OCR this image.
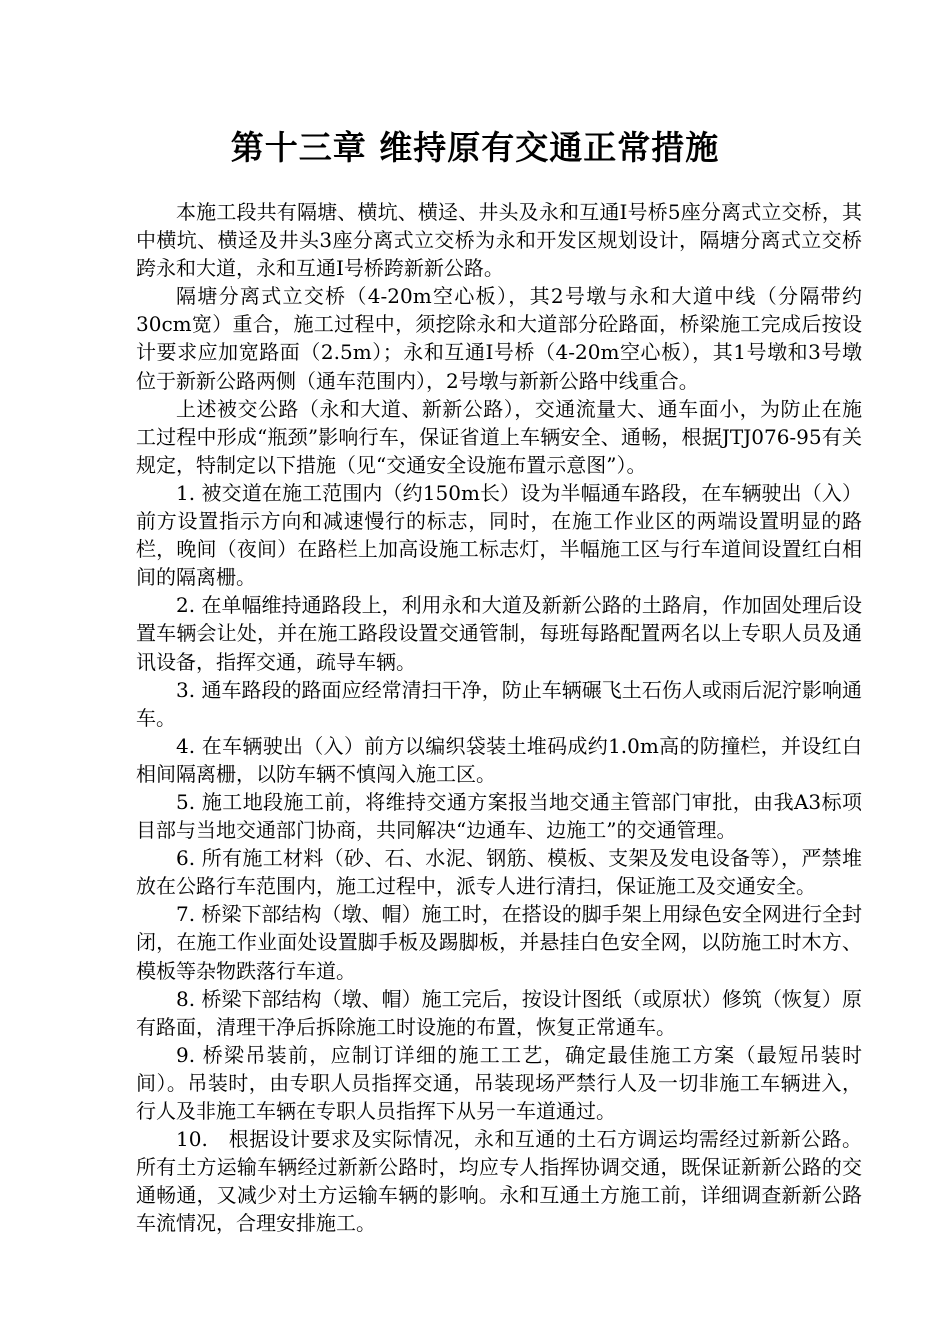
第十三章 维持原有交通正常措施

本施工段共有隔塘、横坑、横迳、井头及永和互通Ⅰ号桥5座分离式立交桥，其中横坑、横迳及井头3座分离式立交桥为永和开发区规划设计，隔塘分离式立交桥跨永和大道，永和互通Ⅰ号桥跨新新公路。

隔塘分离式立交桥（4-20m空心板），其2号墩与永和大道中线（分隔带约30cm宽）重合，施工过程中，须挖除永和大道部分砼路面，桥梁施工完成后按设计要求应加宽路面（2.5m）；永和互通Ⅰ号桥（4-20m空心板），其1号墩和3号墩位于新新公路两侧（通车范围内），2号墩与新新公路中线重合。

上述被交公路（永和大道、新新公路），交通流量大、通车面小，为防止在施工过程中形成“瓶颈”影响行车，保证省道上车辆安全、通畅，根据JTJ076-95有关规定，特制定以下措施（见“交通安全设施布置示意图”）。

1. 被交道在施工范围内（约150m长）设为半幅通车路段，在车辆驶出（入）前方设置指示方向和减速慢行的标志，同时，在施工作业区的两端设置明显的路栏，晚间（夜间）在路栏上加高设施工标志灯，半幅施工区与行车道间设置红白相间的隔离栅。

2. 在单幅维持通路段上，利用永和大道及新新公路的土路肩，作加固处理后设置车辆会让处，并在施工路段设置交通管制，每班每路配置两名以上专职人员及通讯设备，指挥交通，疏导车辆。

3. 通车路段的路面应经常清扫干净，防止车辆碾飞土石伤人或雨后泥泞影响通车。

4. 在车辆驶出（入）前方以编织袋装土堆码成约1.0m高的防撞栏，并设红白相间隔离栅，以防车辆不慎闯入施工区。

5. 施工地段施工前，将维持交通方案报当地交通主管部门审批，由我A3标项目部与当地交通部门协商，共同解决“边通车、边施工”的交通管理。

6. 所有施工材料（砂、石、水泥、钢筋、模板、支架及发电设备等），严禁堆放在公路行车范围内，施工过程中，派专人进行清扫，保证施工及交通安全。

7. 桥梁下部结构（墩、帽）施工时，在搭设的脚手架上用绿色安全网进行全封闭，在施工作业面处设置脚手板及踢脚板，并悬挂白色安全网，以防施工时木方、模板等杂物跌落行车道。

8. 桥梁下部结构（墩、帽）施工完后，按设计图纸（或原状）修筑（恢复）原有路面，清理干净后拆除施工时设施的布置，恢复正常通车。

9. 桥梁吊装前，应制订详细的施工工艺，确定最佳施工方案（最短吊装时间）。吊装时，由专职人员指挥交通，吊装现场严禁行人及一切非施工车辆进入，行人及非施工车辆在专职人员指挥下从另一车道通过。

10.　根据设计要求及实际情况，永和互通的土石方调运均需经过新新公路。所有土方运输车辆经过新新公路时，均应专人指挥协调交通，既保证新新公路的交通畅通，又减少对土方运输车辆的影响。永和互通土方施工前，详细调查新新公路车流情况，合理安排施工。
